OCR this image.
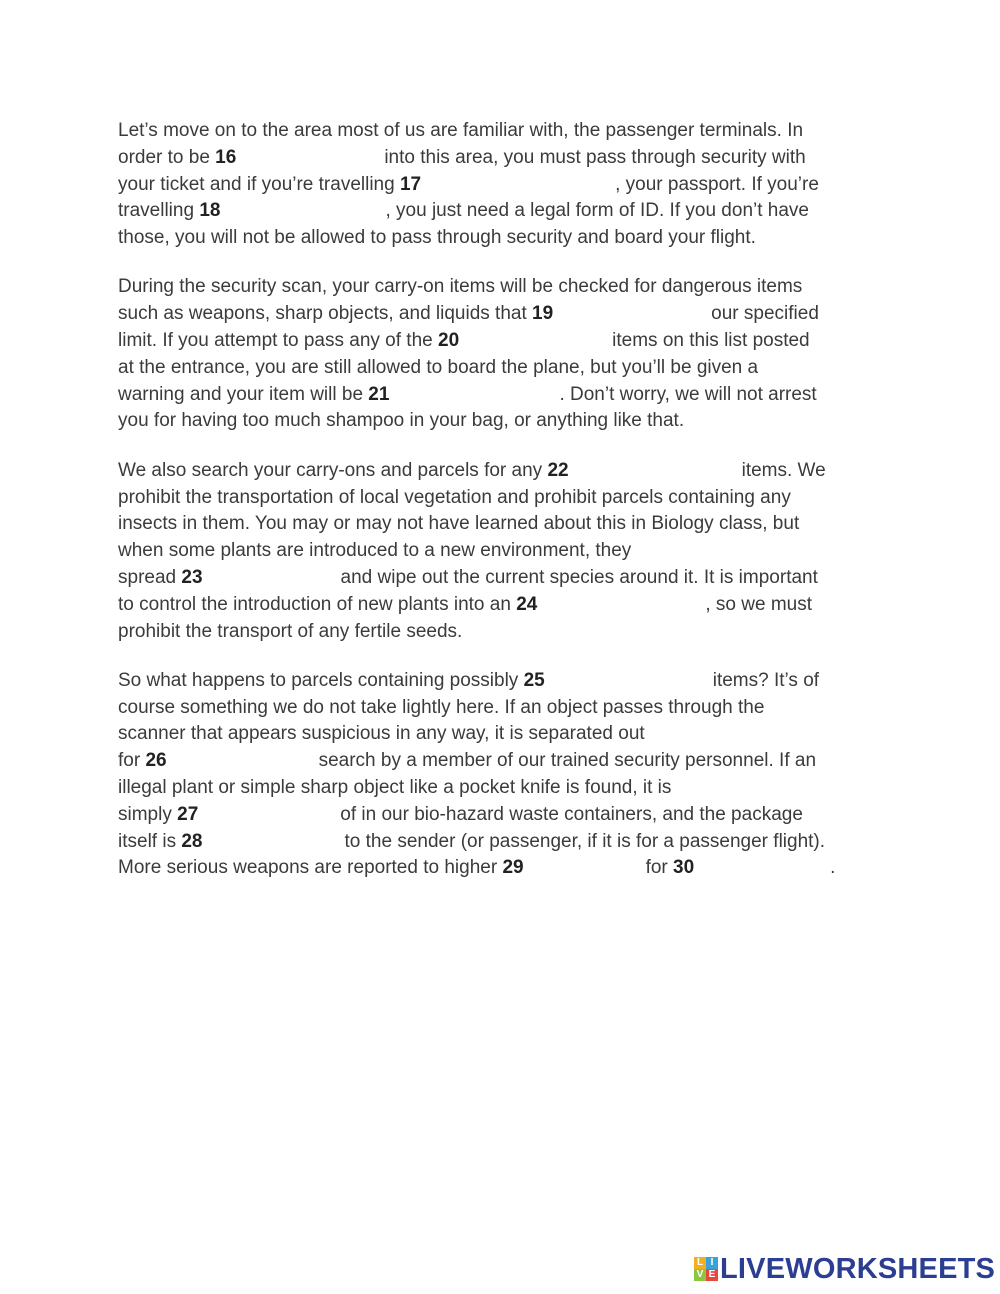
Let’s move on to the area most of us are familiar with, the passenger terminals. In
order to be 16	into this area, you must pass through security with
your ticket and if you’re travelling 17	, your passport. If you’re
travelling 18	, you just need a legal form of ID. If you don’t have
those, you will not be allowed to pass through security and board your flight.

During the security scan, your carry-on items will be checked for dangerous items
such as weapons, sharp objects, and liquids that 19	our specified
limit. If you attempt to pass any of the 20	items on this list posted
at the entrance, you are still allowed to board the plane, but you’ll be given a
warning and your item will be 21	. Don’t worry, we will not arrest
you for having too much shampoo in your bag, or anything like that.

We also search your carry-ons and parcels for any 22	items. We
prohibit the transportation of local vegetation and prohibit parcels containing any
insects in them. You may or may not have learned about this in Biology class, but
when some plants are introduced to a new environment, they
spread 23	and wipe out the current species around it. It is important
to control the introduction of new plants into an 24	, so we must
prohibit the transport of any fertile seeds.

So what happens to parcels containing possibly 25	items? It’s of
course something we do not take lightly here. If an object passes through the
scanner that appears suspicious in any way, it is separated out
for 26	search by a member of our trained security personnel. If an
illegal plant or simple sharp object like a pocket knife is found, it is
simply 27	of in our bio-hazard waste containers, and the package
itself is 28	to the sender (or passenger, if it is for a passenger flight).
More serious weapons are reported to higher 29	for 30	.

L I
V E LIVEWORKSHEETS
